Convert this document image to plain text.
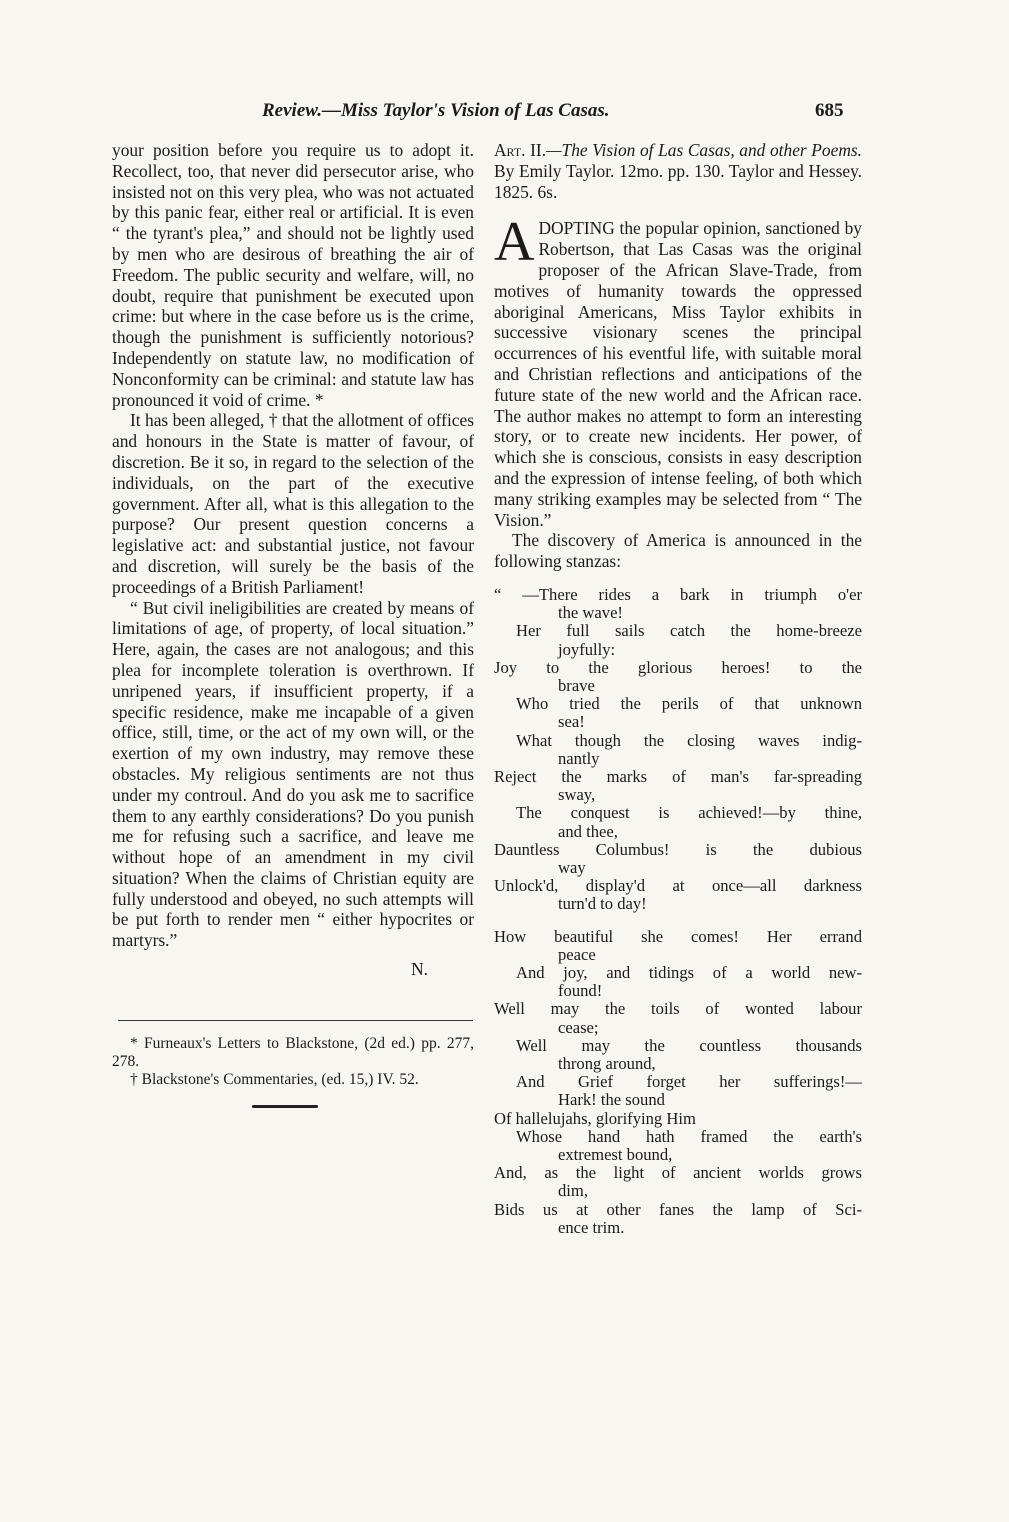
Review.—Miss Taylor's Vision of Las Casas.	685

your position before you require us to adopt it. Recollect, too, that never did persecutor arise, who insisted not on this very plea, who was not actuated by this panic fear, either real or artificial. It is even “ the tyrant's plea,” and should not be lightly used by men who are desirous of breathing the air of Freedom. The public security and welfare, will, no doubt, require that punishment be executed upon crime: but where in the case before us is the crime, though the punishment is sufficiently notorious? Independently on statute law, no modification of Nonconformity can be criminal: and statute law has pronounced it void of crime. *

It has been alleged, † that the allotment of offices and honours in the State is matter of favour, of discretion. Be it so, in regard to the selection of the individuals, on the part of the executive government. After all, what is this allegation to the purpose? Our present question concerns a legislative act: and substantial justice, not favour and discretion, will surely be the basis of the proceedings of a British Parliament!

“ But civil ineligibilities are created by means of limitations of age, of property, of local situation.” Here, again, the cases are not analogous; and this plea for incomplete toleration is overthrown. If unripened years, if insufficient property, if a specific residence, make me incapable of a given office, still, time, or the act of my own will, or the exertion of my own industry, may remove these obstacles. My religious sentiments are not thus under my controul. And do you ask me to sacrifice them to any earthly considerations? Do you punish me for refusing such a sacrifice, and leave me without hope of an amendment in my civil situation? When the claims of Christian equity are fully understood and obeyed, no such attempts will be put forth to render men “ either hypocrites or martyrs.”

N.

* Furneaux's Letters to Blackstone, (2d ed.) pp. 277, 278.

† Blackstone's Commentaries, (ed. 15,) IV. 52.

Art. II.—The Vision of Las Casas, and other Poems. By Emily Taylor. 12mo. pp. 130. Taylor and Hessey. 1825. 6s.

ADOPTING the popular opinion, sanctioned by Robertson, that Las Casas was the original proposer of the African Slave-Trade, from motives of humanity towards the oppressed aboriginal Americans, Miss Taylor exhibits in successive visionary scenes the principal occurrences of his eventful life, with suitable moral and Christian reflections and anticipations of the future state of the new world and the African race. The author makes no attempt to form an interesting story, or to create new incidents. Her power, of which she is conscious, consists in easy description and the expression of intense feeling, of both which many striking examples may be selected from “ The Vision.”

The discovery of America is announced in the following stanzas:

“ —There rides a bark in triumph o'er
the wave!
Her full sails catch the home-breeze
joyfully:
Joy to the glorious heroes! to the
brave
Who tried the perils of that unknown
sea!
What though the closing waves indig-
nantly
Reject the marks of man's far-spreading
sway,
The conquest is achieved!—by thine,
and thee,
Dauntless Columbus! is the dubious
way
Unlock'd, display'd at once—all darkness
turn'd to day!
How beautiful she comes! Her errand
peace
And joy, and tidings of a world new-
found!
Well may the toils of wonted labour
cease;
Well may the countless thousands
throng around,
And Grief forget her sufferings!—
Hark! the sound
Of hallelujahs, glorifying Him
Whose hand hath framed the earth's
extremest bound,
And, as the light of ancient worlds grows
dim,
Bids us at other fanes the lamp of Sci-
ence trim.
